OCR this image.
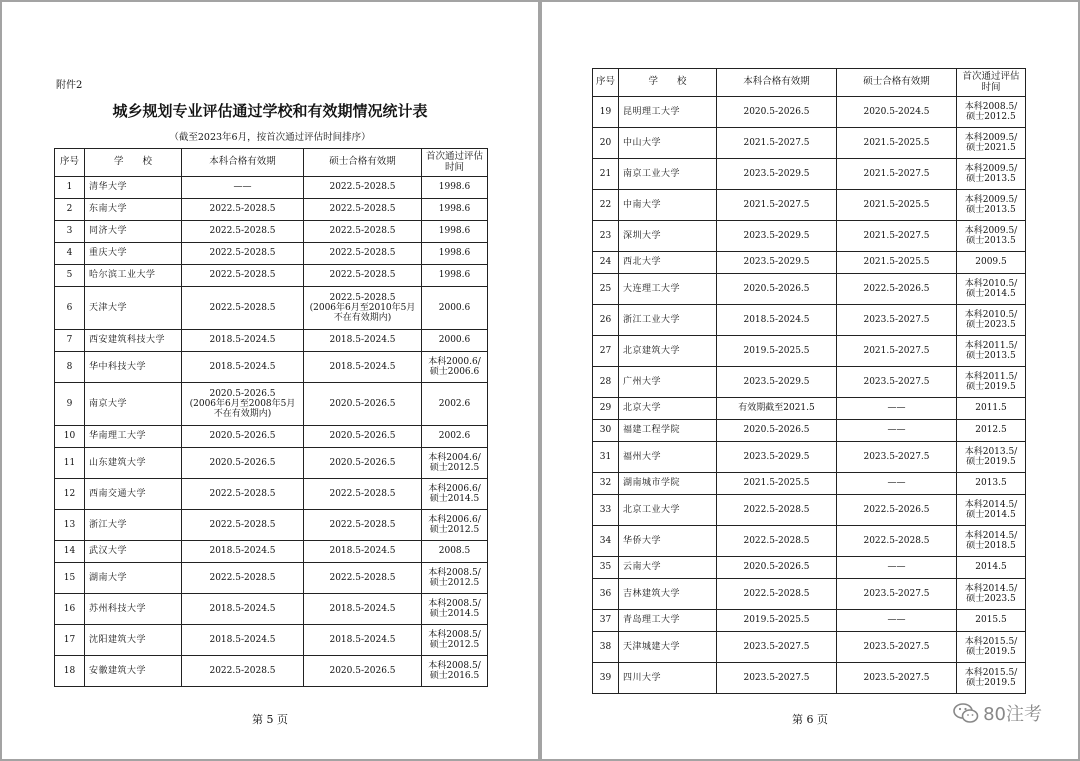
附件2
城乡规划专业评估通过学校和有效期情况统计表
（截至2023年6月，按首次通过评估时间排序）
序号	学　　校	本科合格有效期	硕士合格有效期	首次通过评估时间
1	清华大学	——	2022.5-2028.5	1998.6
2	东南大学	2022.5-2028.5	2022.5-2028.5	1998.6
3	同济大学	2022.5-2028.5	2022.5-2028.5	1998.6
4	重庆大学	2022.5-2028.5	2022.5-2028.5	1998.6
5	哈尔滨工业大学	2022.5-2028.5	2022.5-2028.5	1998.6
6	天津大学	2022.5-2028.5	2022.5-2028.5
(2006年6月至2010年5月
不在有效期内)	2000.6
7	西安建筑科技大学	2018.5-2024.5	2018.5-2024.5	2000.6
8	华中科技大学	2018.5-2024.5	2018.5-2024.5	本科2000.6/
硕士2006.6
9	南京大学	2020.5-2026.5
(2006年6月至2008年5月
不在有效期内)	2020.5-2026.5	2002.6
10	华南理工大学	2020.5-2026.5	2020.5-2026.5	2002.6
11	山东建筑大学	2020.5-2026.5	2020.5-2026.5	本科2004.6/
硕士2012.5
12	西南交通大学	2022.5-2028.5	2022.5-2028.5	本科2006.6/
硕士2014.5
13	浙江大学	2022.5-2028.5	2022.5-2028.5	本科2006.6/
硕士2012.5
14	武汉大学	2018.5-2024.5	2018.5-2024.5	2008.5
15	湖南大学	2022.5-2028.5	2022.5-2028.5	本科2008.5/
硕士2012.5
16	苏州科技大学	2018.5-2024.5	2018.5-2024.5	本科2008.5/
硕士2014.5
17	沈阳建筑大学	2018.5-2024.5	2018.5-2024.5	本科2008.5/
硕士2012.5
18	安徽建筑大学	2022.5-2028.5	2020.5-2026.5	本科2008.5/
硕士2016.5
第 5 页
序号	学　　校	本科合格有效期	硕士合格有效期	首次通过评估时间
19	昆明理工大学	2020.5-2026.5	2020.5-2024.5	本科2008.5/
硕士2012.5
20	中山大学	2021.5-2027.5	2021.5-2025.5	本科2009.5/
硕士2021.5
21	南京工业大学	2023.5-2029.5	2021.5-2027.5	本科2009.5/
硕士2013.5
22	中南大学	2021.5-2027.5	2021.5-2025.5	本科2009.5/
硕士2013.5
23	深圳大学	2023.5-2029.5	2021.5-2027.5	本科2009.5/
硕士2013.5
24	西北大学	2023.5-2029.5	2021.5-2025.5	2009.5
25	大连理工大学	2020.5-2026.5	2022.5-2026.5	本科2010.5/
硕士2014.5
26	浙江工业大学	2018.5-2024.5	2023.5-2027.5	本科2010.5/
硕士2023.5
27	北京建筑大学	2019.5-2025.5	2021.5-2027.5	本科2011.5/
硕士2013.5
28	广州大学	2023.5-2029.5	2023.5-2027.5	本科2011.5/
硕士2019.5
29	北京大学	有效期截至2021.5	——	2011.5
30	福建工程学院	2020.5-2026.5	——	2012.5
31	福州大学	2023.5-2029.5	2023.5-2027.5	本科2013.5/
硕士2019.5
32	湖南城市学院	2021.5-2025.5	——	2013.5
33	北京工业大学	2022.5-2028.5	2022.5-2026.5	本科2014.5/
硕士2014.5
34	华侨大学	2022.5-2028.5	2022.5-2028.5	本科2014.5/
硕士2018.5
35	云南大学	2020.5-2026.5	——	2014.5
36	吉林建筑大学	2022.5-2028.5	2023.5-2027.5	本科2014.5/
硕士2023.5
37	青岛理工大学	2019.5-2025.5	——	2015.5
38	天津城建大学	2023.5-2027.5	2023.5-2027.5	本科2015.5/
硕士2019.5
39	四川大学	2023.5-2027.5	2023.5-2027.5	本科2015.5/
硕士2019.5
第 6 页	80注考
